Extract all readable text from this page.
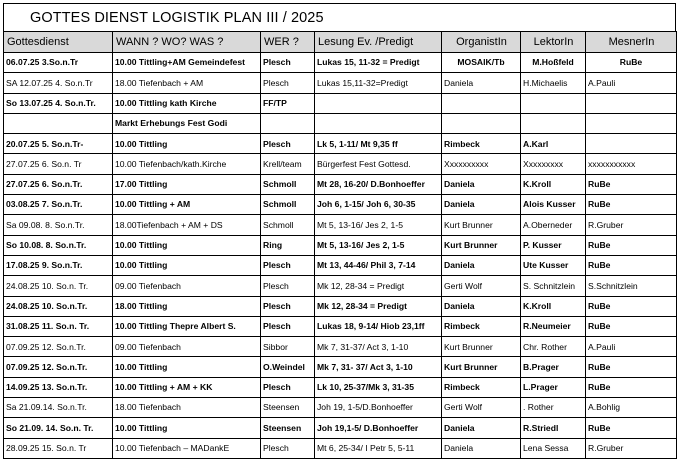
GOTTES DIENST LOGISTIK PLAN III / 2025
Gottesdienst	WANN ? WO? WAS ?	WER ?	Lesung Ev. /Predigt	OrganistIn	LektorIn	MesnerIn
06.07.25 3.So.n.Tr	10.00 Tittling+AM Gemeindefest	Plesch	Lukas 15, 11-32 = Predigt	MOSAIK/Tb	M.Hoßfeld	RuBe
SA 12.07.25 4. So.n.Tr	18.00 Tiefenbach + AM	Plesch	Lukas 15,11-32=Predigt	Daniela	H.Michaelis	A.Pauli
So 13.07.25 4. So.n.Tr.	10.00 Tittling kath Kirche	FF/TP				
	Markt Erhebungs Fest Godi					
20.07.25 5. So.n.Tr-	10.00 Tittling	Plesch	Lk 5, 1-11/ Mt 9,35 ff	Rimbeck	A.Karl	
27.07.25 6. So.n. Tr	10.00 Tiefenbach/kath.Kirche	Krell/team	Bürgerfest Fest Gottesd.	Xxxxxxxxxx	Xxxxxxxxx	xxxxxxxxxxx
27.07.25 6. So.n.Tr.	17.00 Tittling	Schmoll	Mt 28, 16-20/ D.Bonhoeffer	Daniela	K.Kroll	RuBe
03.08.25 7. So.n.Tr.	10.00 Tittling + AM	Schmoll	Joh 6, 1-15/ Joh 6, 30-35	Daniela	Alois Kusser	RuBe
Sa 09.08. 8. So.n.Tr.	18.00Tiefenbach + AM + DS	Schmoll	Mt 5, 13-16/ Jes 2, 1-5	Kurt Brunner	A.Oberneder	R.Gruber
So 10.08. 8. So.n.Tr.	10.00 Tittling	Ring	Mt 5, 13-16/ Jes 2, 1-5	Kurt Brunner	P. Kusser	RuBe
17.08.25 9. So.n.Tr.	10.00 Tittling	Plesch	Mt 13, 44-46/ Phil 3, 7-14	Daniela	Ute Kusser	RuBe
24.08.25 10. So.n. Tr.	09.00 Tiefenbach	Plesch	Mk 12, 28-34 = Predigt	Gerti Wolf	S. Schnitzlein	S.Schnitzlein
24.08.25 10. So.n.Tr.	18.00 Tittling	Plesch	Mk 12, 28-34 = Predigt	Daniela	K.Kroll	RuBe
31.08.25 11. So.n. Tr.	10.00 Tittling Thepre Albert S.	Plesch	Lukas 18, 9-14/ Hiob 23,1ff	Rimbeck	R.Neumeier	RuBe
07.09.25 12. So.n.Tr.	09.00 Tiefenbach	Sibbor	Mk 7, 31-37/ Act 3, 1-10	Kurt Brunner	Chr. Rother	A.Pauli
07.09.25 12. So.n.Tr.	10.00 Tittling	O.Weindel	Mk 7, 31- 37/ Act 3, 1-10	Kurt Brunner	B.Prager	RuBe
14.09.25 13. So.n.Tr.	10.00 Tittling + AM + KK	Plesch	Lk 10, 25-37/Mk 3, 31-35	Rimbeck	L.Prager	RuBe
Sa 21.09.14. So.n.Tr.	18.00 Tiefenbach	Steensen	Joh 19, 1-5/D.Bonhoeffer	Gerti Wolf	. Rother	A.Bohlig
So 21.09. 14. So.n. Tr.	10.00 Tittling	Steensen	Joh 19,1-5/ D.Bonhoeffer	Daniela	R.Striedl	RuBe
28.09.25 15. So.n. Tr	10.00 Tiefenbach – MADankE	Plesch	Mt 6, 25-34/ I Petr 5, 5-11	Daniela	Lena Sessa	R.Gruber
